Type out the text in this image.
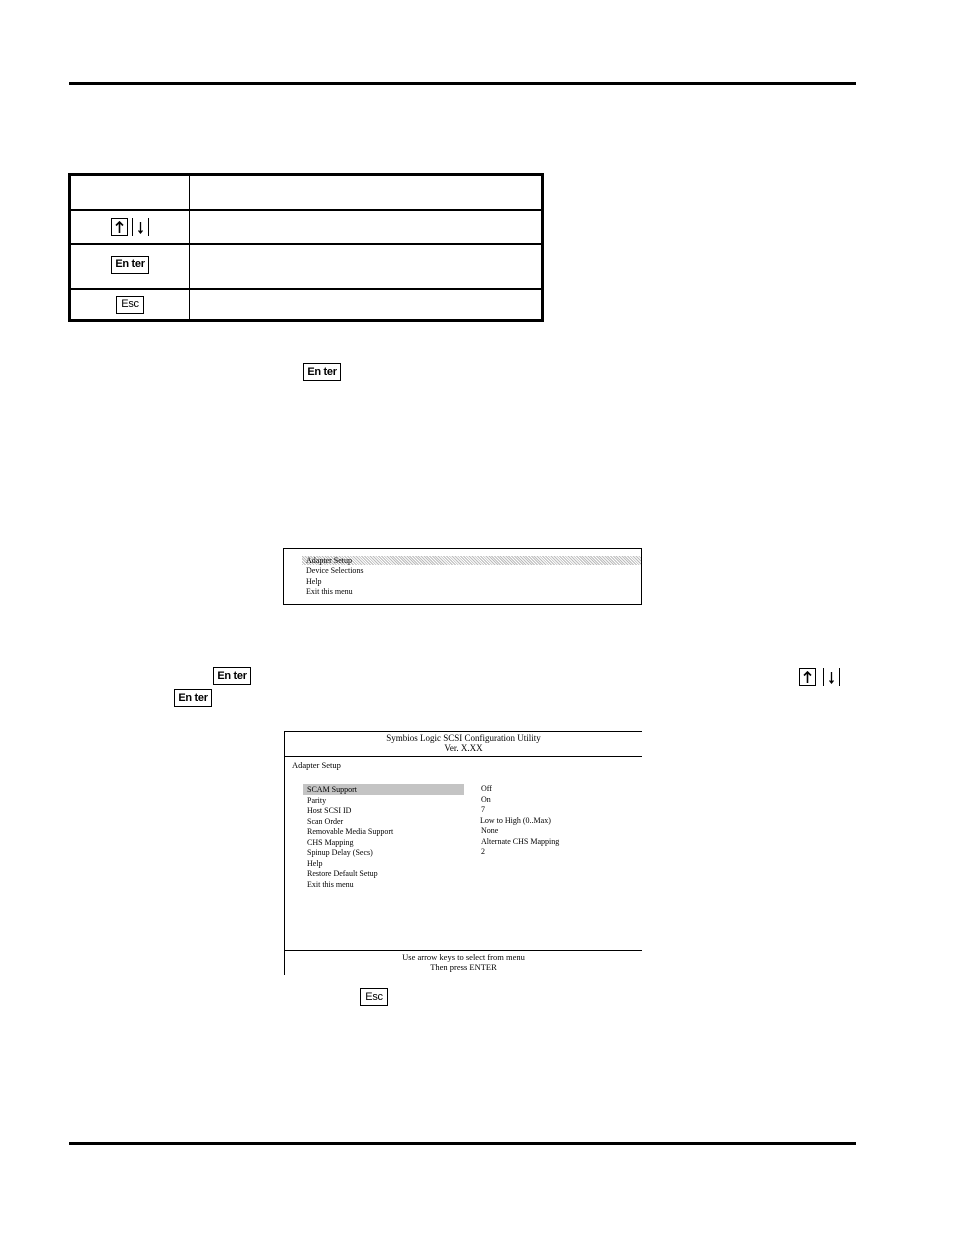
En ter
Esc
En ter
En ter
En ter
Adapter Setup
Device Selections
Help
Exit this menu
Symbios Logic SCSI Configuration Utility
Ver. X.XX
Adapter Setup
SCAM Support
Parity
Host SCSI ID
Scan Order
Removable Media Support
CHS Mapping
Spinup Delay (Secs)
Help
Restore Default Setup
Exit this menu
Off
On
7
Low to High (0..Max)
None
Alternate CHS Mapping
2
Use arrow keys to select from menu
Then press ENTER
Esc
